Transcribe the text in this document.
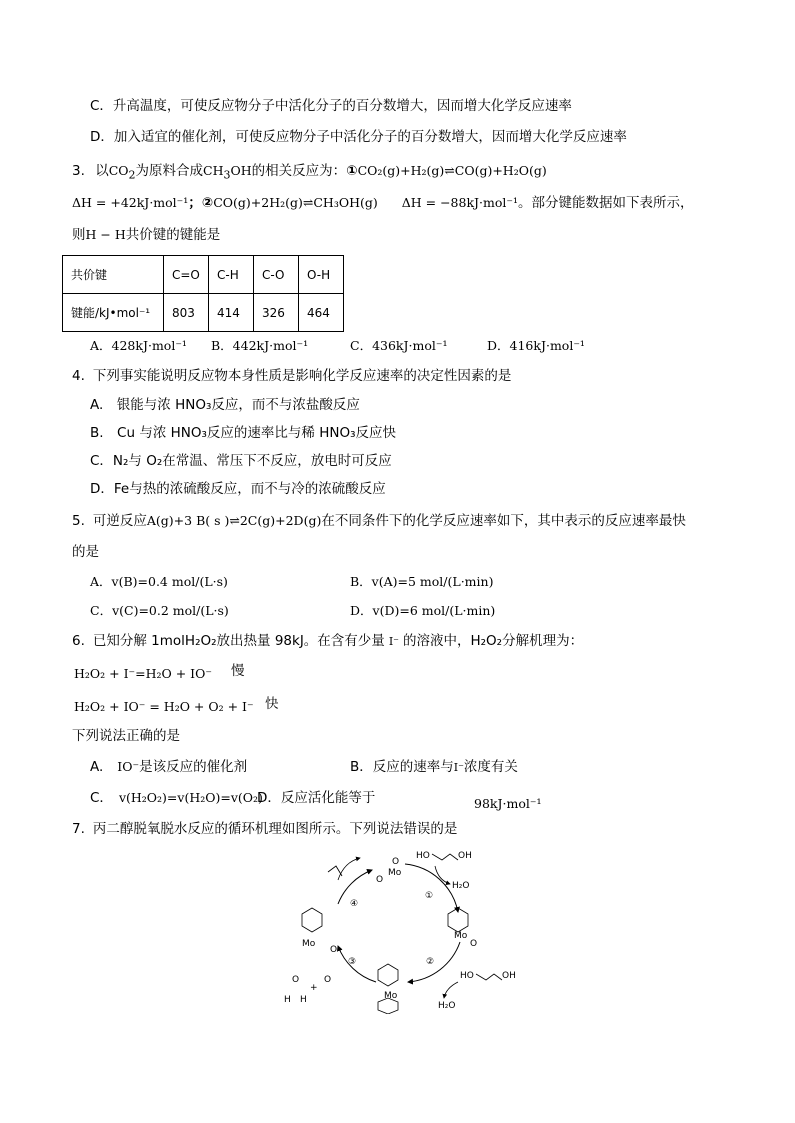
C．升高温度，可使反应物分子中活化分子的百分数增大，因而增大化学反应速率
D．加入适宜的催化剂，可使反应物分子中活化分子的百分数增大，因而增大化学反应速率
3. 以$CO_2$为原料合成$CH_3OH$的相关反应为：①CO₂(g)+H₂(g)⇌CO(g)+H₂O(g)
ΔH = +42kJ·mol⁻¹；②CO(g)+2H₂(g)⇌CH₃OH(g) ΔH = −88kJ·mol⁻¹。部分键能数据如下表所示，
则H − H共价键的键能是
共价键	C=O	C-H	C-O	O-H
键能/kJ•mol⁻¹	803	414	326	464
A．428kJ·mol⁻¹ B．442kJ·mol⁻¹	C．436kJ·mol⁻¹	D．416kJ·mol⁻¹
4. 下列事实能说明反应物本身性质是影响化学反应速率的决定性因素的是
A.　银能与浓 HNO₃反应，而不与浓盐酸反应
B.　Cu 与浓 HNO₃反应的速率比与稀 HNO₃反应快
C．N₂与 O₂在常温、常压下不反应，放电时可反应
D．Fe与热的浓硫酸反应，而不与冷的浓硫酸反应
5. 可逆反应A(g)+3 B( s )⇌2C(g)+2D(g)在不同条件下的化学反应速率如下，其中表示的反应速率最快
的是
A．v(B)=0.4 mol/(L·s)	B．v(A)=5 mol/(L·min)
C．v(C)=0.2 mol/(L·s)	D．v(D)=6 mol/(L·min)
6. 已知分解 1molH₂O₂放出热量 98kJ。在含有少量 I⁻ 的溶液中，H₂O₂分解机理为：
H₂O₂ + I⁻=H₂O + IO⁻ 慢
H₂O₂ + IO⁻ = H₂O + O₂ + I⁻ 快
下列说法正确的是
A. IO⁻是该反应的催化剂	B．反应的速率与I⁻浓度有关
C． v(H₂O₂)=v(H₂O)=v(O₂)
D．反应活化能等于	98kJ·mol⁻¹
7. 丙二醇脱氧脱水反应的循环机理如图所示。下列说法错误的是
①
②
③
④
Mo
O
O
HO	OH
H₂O
Mo
O
HO	OH
H₂O
Mo
H H
O
+
O
Mo
O
